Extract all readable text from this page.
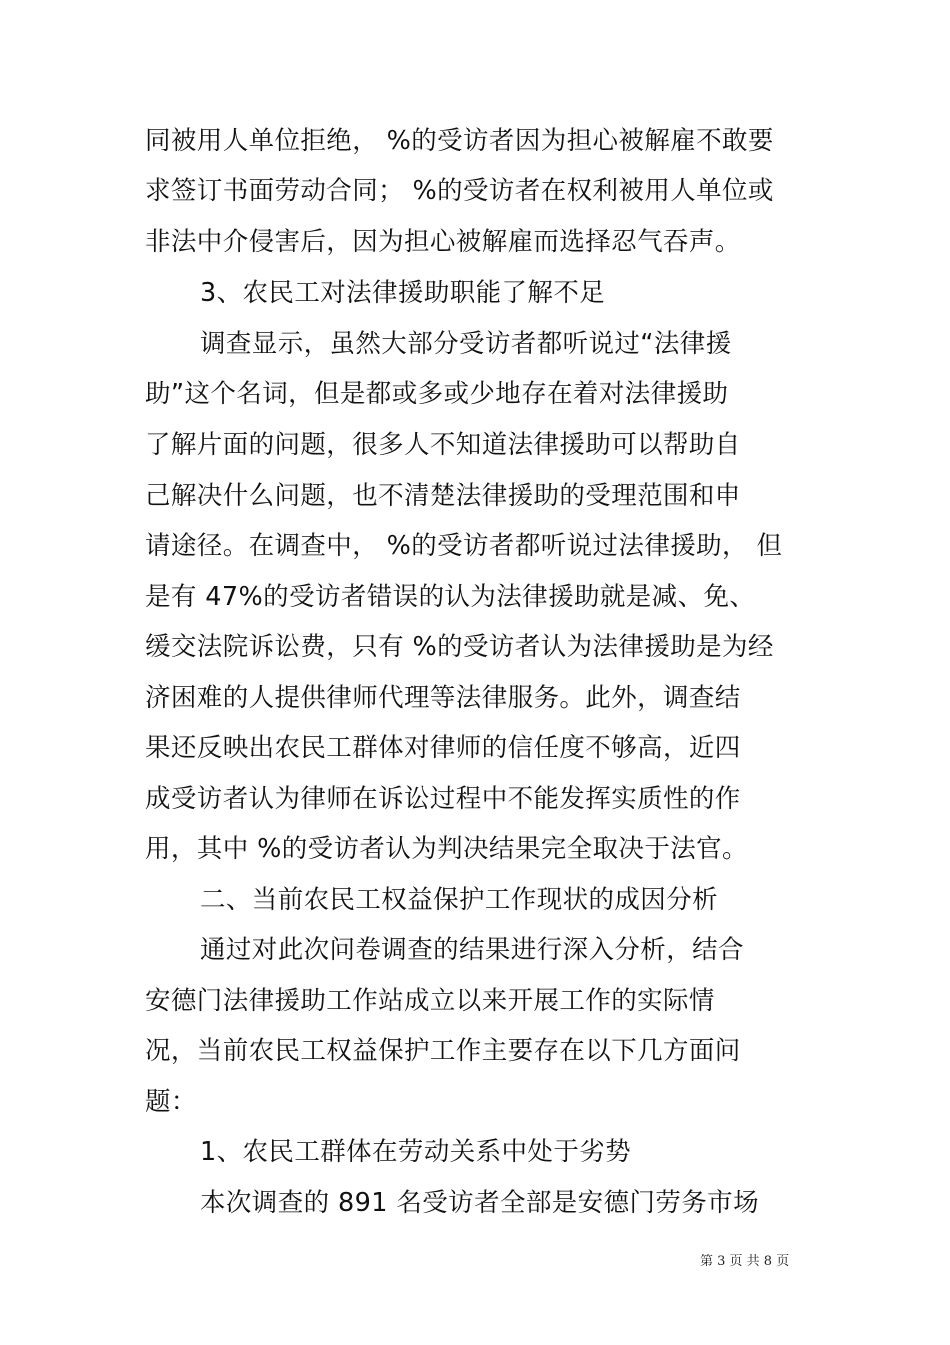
同被用人单位拒绝， %的受访者因为担心被解雇不敢要
求签订书面劳动合同； %的受访者在权利被用人单位或
非法中介侵害后，因为担心被解雇而选择忍气吞声。
3、农民工对法律援助职能了解不足
调查显示，虽然大部分受访者都听说过“法律援
助”这个名词，但是都或多或少地存在着对法律援助
了解片面的问题，很多人不知道法律援助可以帮助自
己解决什么问题，也不清楚法律援助的受理范围和申
请途径。在调查中， %的受访者都听说过法律援助， 但
是有 47%的受访者错误的认为法律援助就是减、免、
缓交法院诉讼费，只有 %的受访者认为法律援助是为经
济困难的人提供律师代理等法律服务。此外，调查结
果还反映出农民工群体对律师的信任度不够高，近四
成受访者认为律师在诉讼过程中不能发挥实质性的作
用，其中 %的受访者认为判决结果完全取决于法官。
二、当前农民工权益保护工作现状的成因分析
通过对此次问卷调查的结果进行深入分析，结合
安德门法律援助工作站成立以来开展工作的实际情
况，当前农民工权益保护工作主要存在以下几方面问
题：
1、农民工群体在劳动关系中处于劣势
本次调查的 891 名受访者全部是安德门劳务市场
第 3 页 共 8 页
